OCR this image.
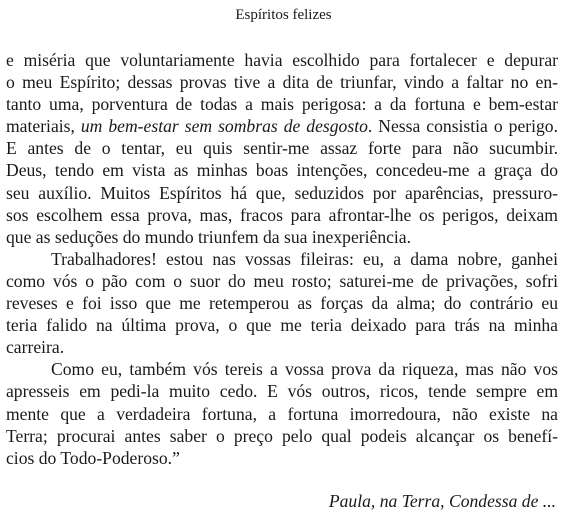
Espíritos felizes
e miséria que voluntariamente havia escolhido para fortalecer e depurar
o meu Espírito; dessas provas tive a dita de triunfar, vindo a faltar no en-
tanto uma, porventura de todas a mais perigosa: a da fortuna e bem-estar
materiais, um bem-estar sem sombras de desgosto. Nessa consistia o perigo.
E antes de o tentar, eu quis sentir-me assaz forte para não sucumbir.
Deus, tendo em vista as minhas boas intenções, concedeu-me a graça do
seu auxílio. Muitos Espíritos há que, seduzidos por aparências, pressuro-
sos escolhem essa prova, mas, fracos para afrontar-lhe os perigos, deixam
que as seduções do mundo triunfem da sua inexperiência.
Trabalhadores! estou nas vossas fileiras: eu, a dama nobre, ganhei
como vós o pão com o suor do meu rosto; saturei-me de privações, sofri
reveses e foi isso que me retemperou as forças da alma; do contrário eu
teria falido na última prova, o que me teria deixado para trás na minha
carreira.
Como eu, também vós tereis a vossa prova da riqueza, mas não vos
apresseis em pedi-la muito cedo. E vós outros, ricos, tende sempre em
mente que a verdadeira fortuna, a fortuna imorredoura, não existe na
Terra; procurai antes saber o preço pelo qual podeis alcançar os benefí-
cios do Todo-Poderoso.”
Paula, na Terra, Condessa de ...
